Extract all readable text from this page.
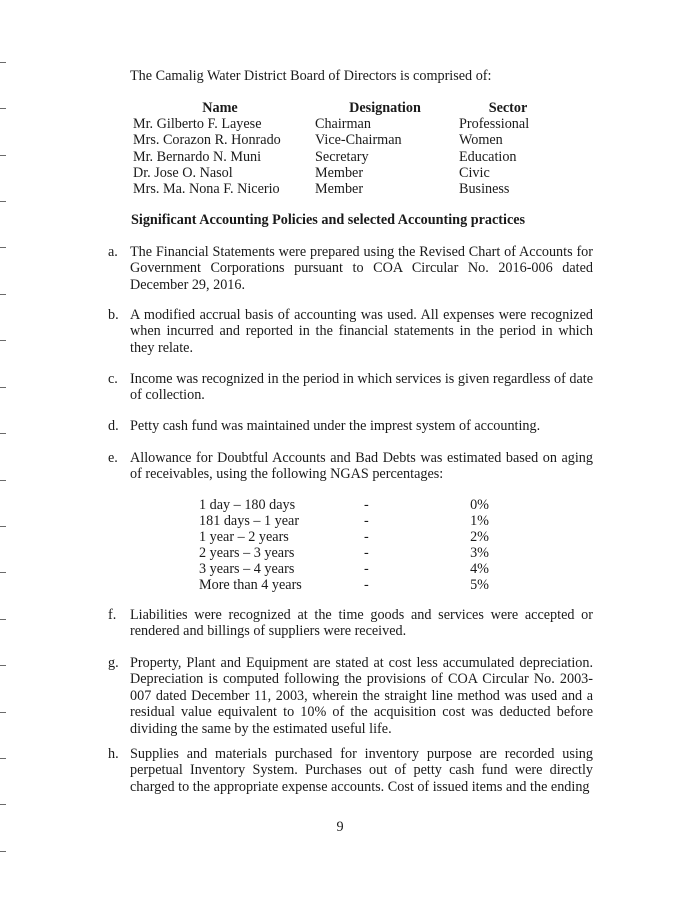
The Camalig Water District Board of Directors is comprised of:
Name	Designation	Sector
Mr. Gilberto F. Layese	Chairman	Professional
Mrs. Corazon R. Honrado	Vice-Chairman	Women
Mr. Bernardo N. Muni	Secretary	Education
Dr. Jose O. Nasol	Member	Civic
Mrs. Ma. Nona F. Nicerio	Member	Business
Significant Accounting Policies and selected Accounting practices
a. The Financial Statements were prepared using the Revised Chart of Accounts for Government Corporations pursuant to COA Circular No. 2016-006 dated December 29, 2016.
b. A modified accrual basis of accounting was used. All expenses were recognized when incurred and reported in the financial statements in the period in which they relate.
c. Income was recognized in the period in which services is given regardless of date of collection.
d. Petty cash fund was maintained under the imprest system of accounting.
e. Allowance for Doubtful Accounts and Bad Debts was estimated based on aging of receivables, using the following NGAS percentages:
1 day – 180 days	-	0%
181 days – 1 year	-	1%
1 year – 2 years	-	2%
2 years – 3 years	-	3%
3 years – 4 years	-	4%
More than 4 years	-	5%
f. Liabilities were recognized at the time goods and services were accepted or rendered and billings of suppliers were received.
g. Property, Plant and Equipment are stated at cost less accumulated depreciation. Depreciation is computed following the provisions of COA Circular No. 2003-007 dated December 11, 2003, wherein the straight line method was used and a residual value equivalent to 10% of the acquisition cost was deducted before dividing the same by the estimated useful life.
h. Supplies and materials purchased for inventory purpose are recorded using perpetual Inventory System. Purchases out of petty cash fund were directly charged to the appropriate expense accounts. Cost of issued items and the ending
9
